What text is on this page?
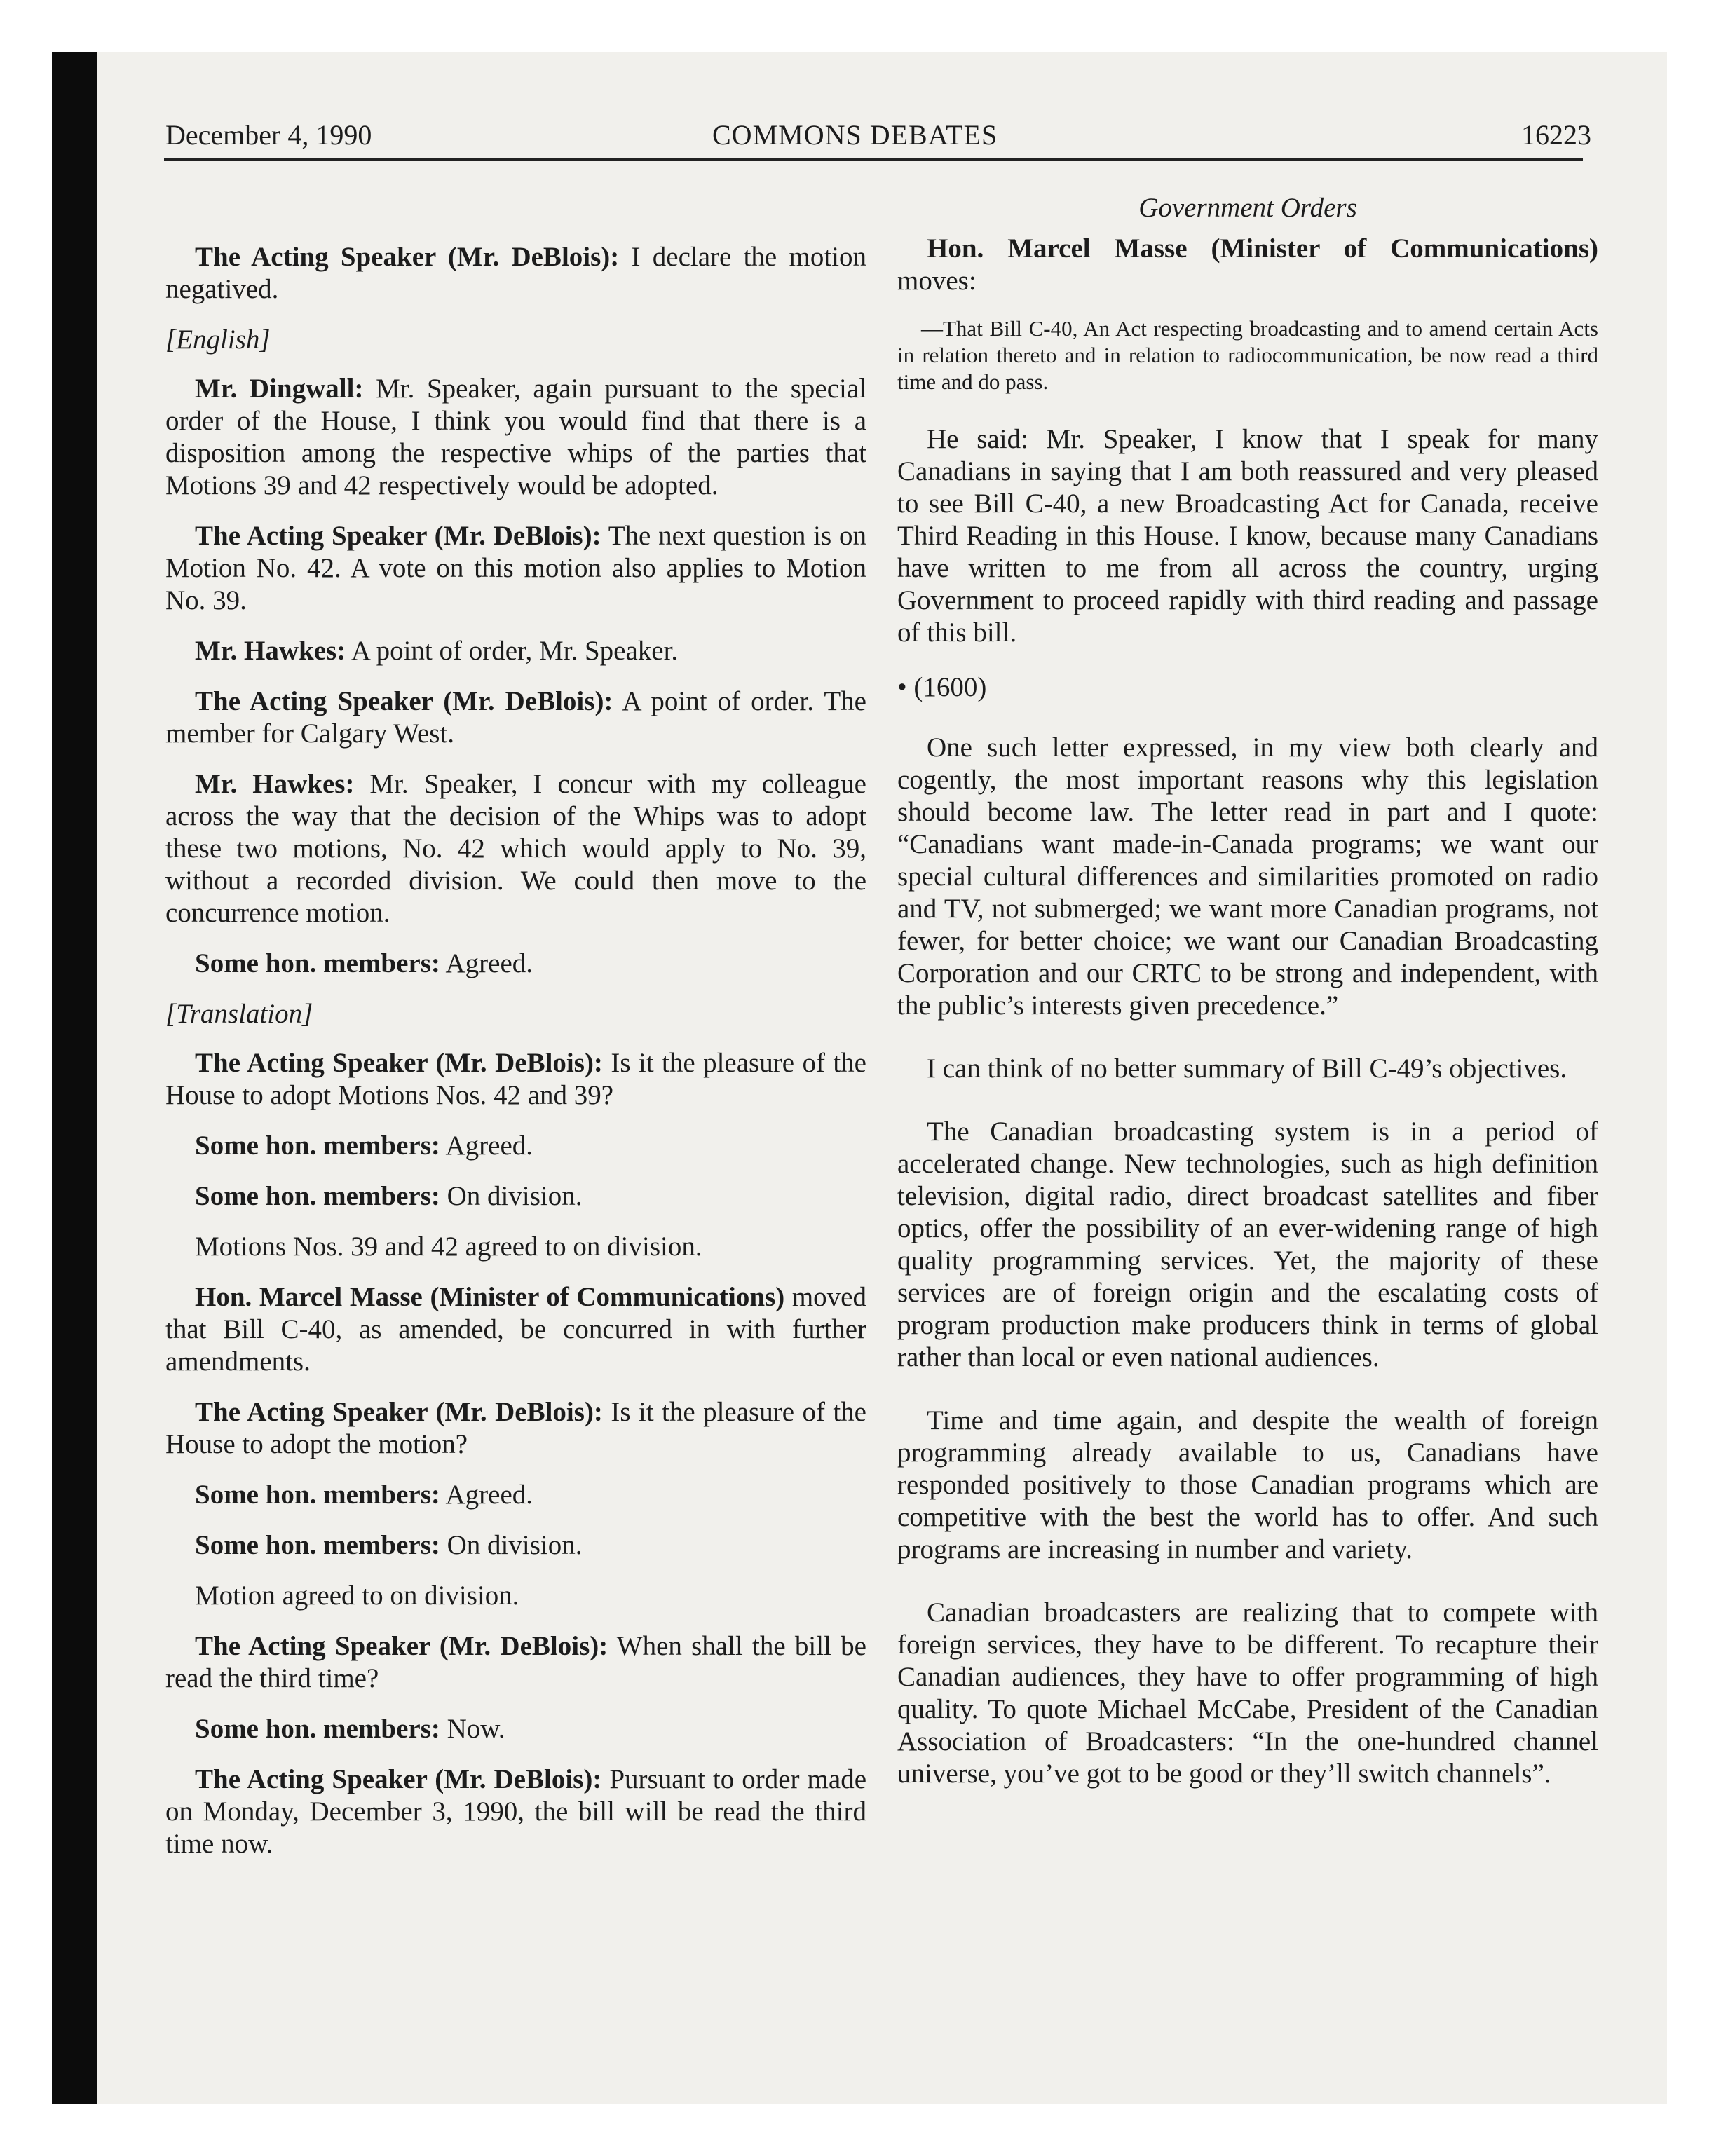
December 4, 1990	COMMONS DEBATES	16223

The Acting Speaker (Mr. DeBlois): I declare the motion negatived.

[English]

Mr. Dingwall: Mr. Speaker, again pursuant to the special order of the House, I think you would find that there is a disposition among the respective whips of the parties that Motions 39 and 42 respectively would be adopted.

The Acting Speaker (Mr. DeBlois): The next question is on Motion No. 42. A vote on this motion also applies to Motion No. 39.

Mr. Hawkes: A point of order, Mr. Speaker.

The Acting Speaker (Mr. DeBlois): A point of order. The member for Calgary West.

Mr. Hawkes: Mr. Speaker, I concur with my colleague across the way that the decision of the Whips was to adopt these two motions, No. 42 which would apply to No. 39, without a recorded division. We could then move to the concurrence motion.

Some hon. members: Agreed.

[Translation]

The Acting Speaker (Mr. DeBlois): Is it the pleasure of the House to adopt Motions Nos. 42 and 39?

Some hon. members: Agreed.

Some hon. members: On division.

Motions Nos. 39 and 42 agreed to on division.

Hon. Marcel Masse (Minister of Communications) moved that Bill C-40, as amended, be concurred in with further amendments.

The Acting Speaker (Mr. DeBlois): Is it the pleasure of the House to adopt the motion?

Some hon. members: Agreed.

Some hon. members: On division.

Motion agreed to on division.

The Acting Speaker (Mr. DeBlois): When shall the bill be read the third time?

Some hon. members: Now.

The Acting Speaker (Mr. DeBlois): Pursuant to order made on Monday, December 3, 1990, the bill will be read the third time now.

Government Orders

Hon. Marcel Masse (Minister of Communications) moves:

—That Bill C-40, An Act respecting broadcasting and to amend certain Acts in relation thereto and in relation to radiocommunication, be now read a third time and do pass.

He said: Mr. Speaker, I know that I speak for many Canadians in saying that I am both reassured and very pleased to see Bill C-40, a new Broadcasting Act for Canada, receive Third Reading in this House. I know, because many Canadians have written to me from all across the country, urging Government to proceed rapidly with third reading and passage of this bill.

• (1600)

One such letter expressed, in my view both clearly and cogently, the most important reasons why this legislation should become law. The letter read in part and I quote: “Canadians want made-in-Canada programs; we want our special cultural differences and similarities promoted on radio and TV, not submerged; we want more Canadian programs, not fewer, for better choice; we want our Canadian Broadcasting Corporation and our CRTC to be strong and independent, with the public’s interests given precedence.”

I can think of no better summary of Bill C-49’s objectives.

The Canadian broadcasting system is in a period of accelerated change. New technologies, such as high definition television, digital radio, direct broadcast satellites and fiber optics, offer the possibility of an ever-widening range of high quality programming services. Yet, the majority of these services are of foreign origin and the escalating costs of program production make producers think in terms of global rather than local or even national audiences.

Time and time again, and despite the wealth of foreign programming already available to us, Canadians have responded positively to those Canadian programs which are competitive with the best the world has to offer. And such programs are increasing in number and variety.

Canadian broadcasters are realizing that to compete with foreign services, they have to be different. To recapture their Canadian audiences, they have to offer programming of high quality. To quote Michael McCabe, President of the Canadian Association of Broadcasters: “In the one-hundred channel universe, you’ve got to be good or they’ll switch channels”.
